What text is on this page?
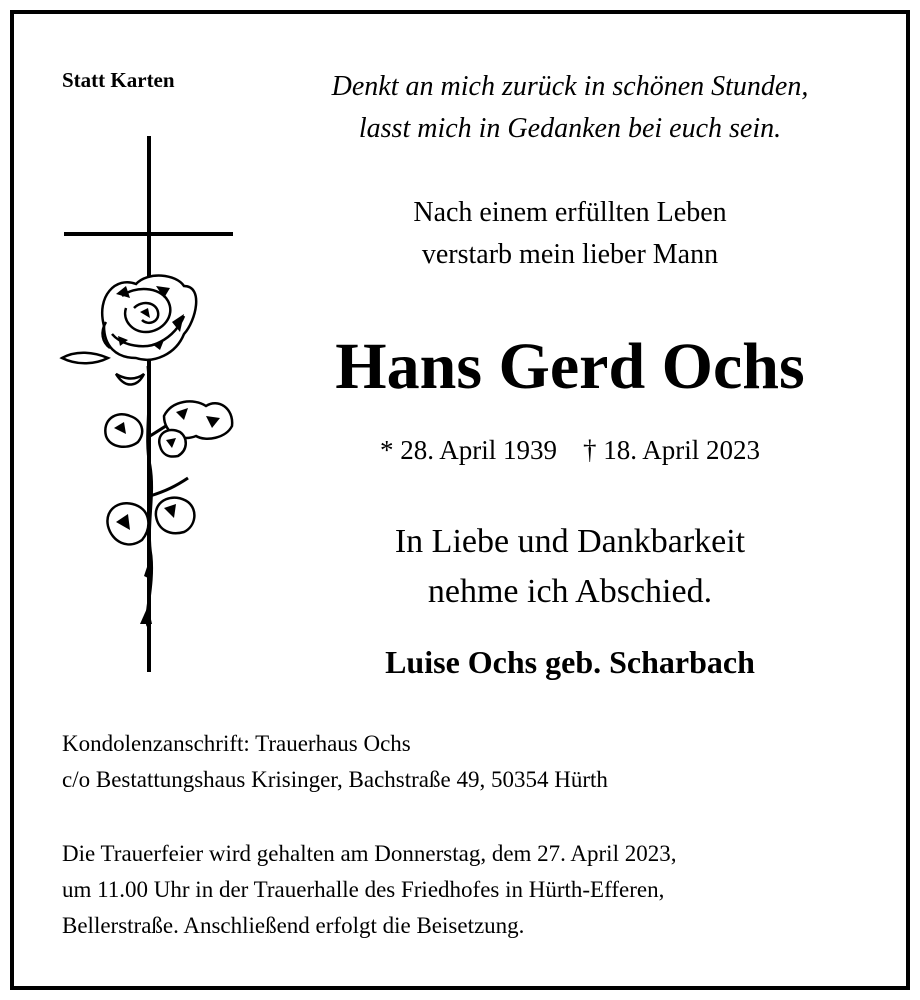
Statt Karten	Denkt an mich zurück in schönen Stunden,
lasst mich in Gedanken bei euch sein.
Nach einem erfüllten Leben
verstarb mein lieber Mann
Hans Gerd Ochs
* 28. April 1939 † 18. April 2023
In Liebe und Dankbarkeit
nehme ich Abschied.
Luise Ochs geb. Scharbach
Kondolenzanschrift: Trauerhaus Ochs
c/o Bestattungshaus Krisinger, Bachstraße 49, 50354 Hürth
Die Trauerfeier wird gehalten am Donnerstag, dem 27. April 2023,
um 11.00 Uhr in der Trauerhalle des Friedhofes in Hürth-Efferen,
Bellerstraße. Anschließend erfolgt die Beisetzung.
